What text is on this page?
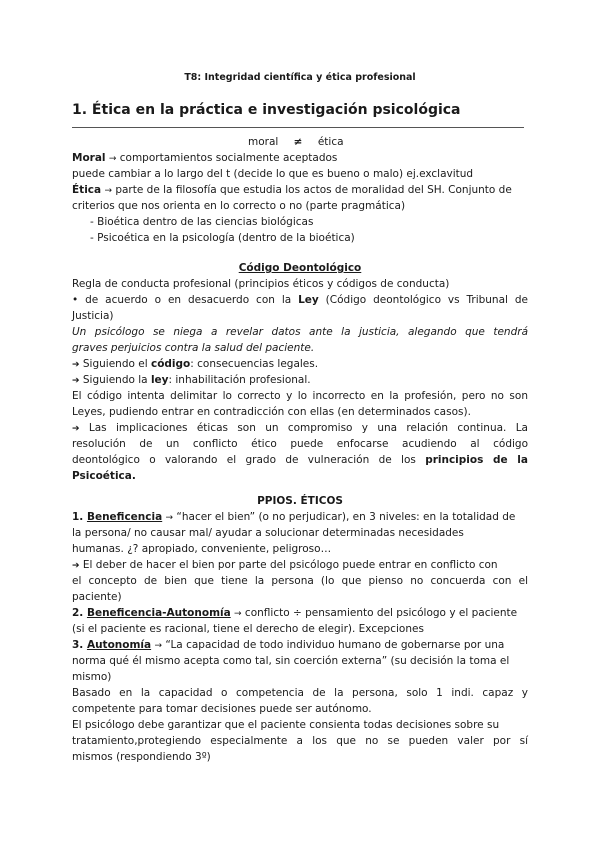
T8: Integridad científica y ética profesional
1. Ética en la práctica e investigación psicológica
moral ≠ ética
Moral → comportamientos socialmente aceptados
puede cambiar a lo largo del t (decide lo que es bueno o malo) ej.exclavitud
Ética → parte de la filosofía que estudia los actos de moralidad del SH. Conjunto de
criterios que nos orienta en lo correcto o no (parte pragmática)
- Bioética dentro de las ciencias biológicas
- Psicoética en la psicología (dentro de la bioética)
Código Deontológico
Regla de conducta profesional (principios éticos y códigos de conducta)
• de acuerdo o en desacuerdo con la Ley (Código deontológico vs Tribunal de
Justicia)
Un psicólogo se niega a revelar datos ante la justicia, alegando que tendrá
graves perjuicios contra la salud del paciente.
➔ Siguiendo el código: consecuencias legales.
➔ Siguiendo la ley: inhabilitación profesional.
El código intenta delimitar lo correcto y lo incorrecto en la profesión, pero no son
Leyes, pudiendo entrar en contradicción con ellas (en determinados casos).
➔ Las implicaciones éticas son un compromiso y una relación continua. La
resolución de un conflicto ético puede enfocarse acudiendo al código
deontológico o valorando el grado de vulneración de los principios de la
Psicoética.
PPIOS. ÉTICOS
1. Beneficencia → “hacer el bien” (o no perjudicar), en 3 niveles: en la totalidad de
la persona/ no causar mal/ ayudar a solucionar determinadas necesidades
humanas. ¿? apropiado, conveniente, peligroso…
➔ El deber de hacer el bien por parte del psicólogo puede entrar en conflicto con
el concepto de bien que tiene la persona (lo que pienso no concuerda con el
paciente)
2. Beneficencia-Autonomía → conflicto ÷ pensamiento del psicólogo y el paciente
(si el paciente es racional, tiene el derecho de elegir). Excepciones
3. Autonomía → “La capacidad de todo individuo humano de gobernarse por una
norma qué él mismo acepta como tal, sin coerción externa” (su decisión la toma el
mismo)
Basado en la capacidad o competencia de la persona, solo 1 indi. capaz y
competente para tomar decisiones puede ser autónomo.
El psicólogo debe garantizar que el paciente consienta todas decisiones sobre su
tratamiento,protegiendo especialmente a los que no se pueden valer por sí
mismos (respondiendo 3º)
